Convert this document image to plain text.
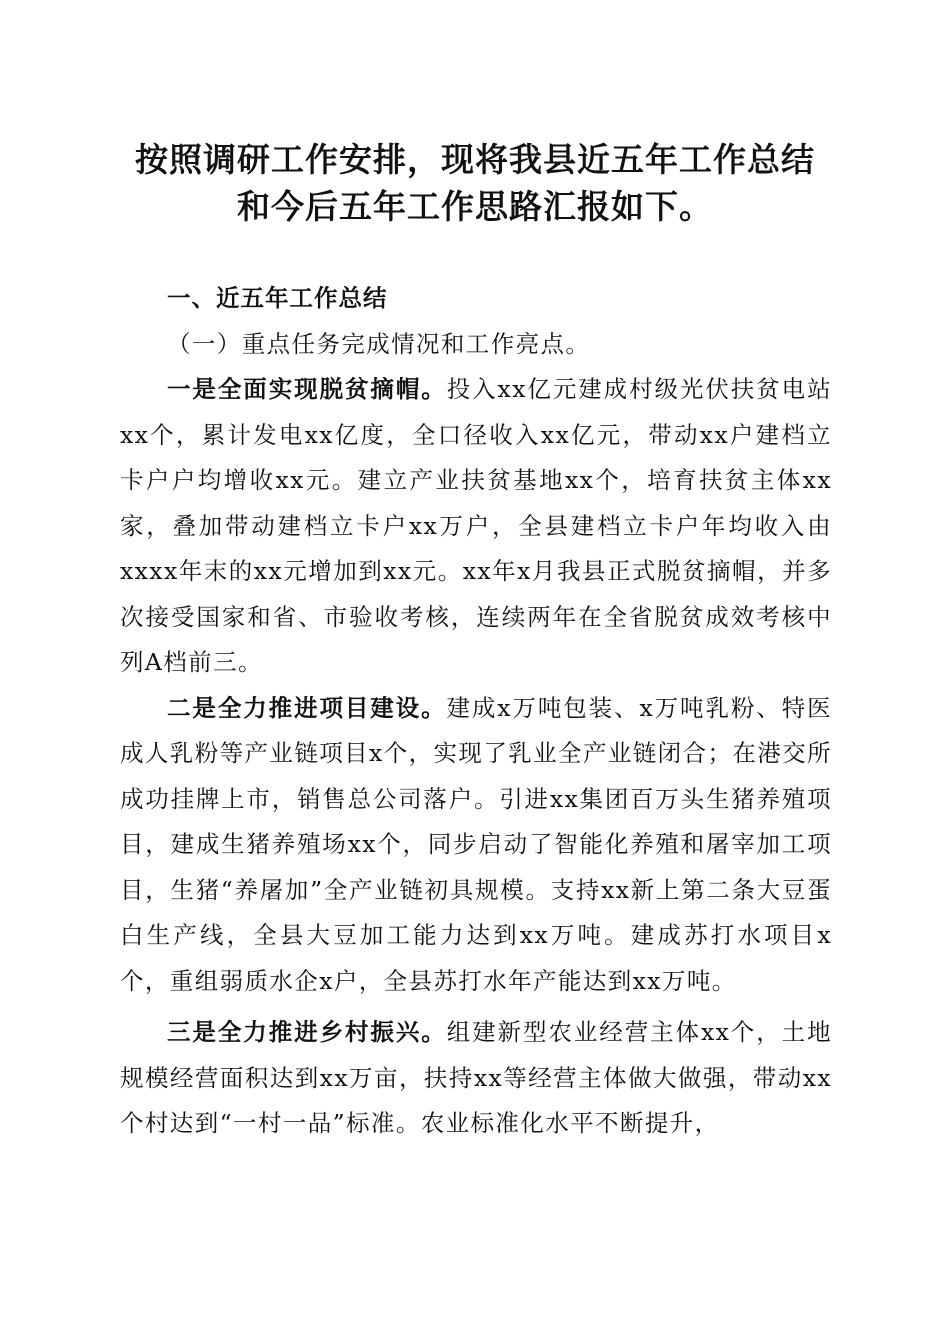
按照调研工作安排，现将我县近五年工作总结
和今后五年工作思路汇报如下。

一、近五年工作总结

（一）重点任务完成情况和工作亮点。

一是全面实现脱贫摘帽。投入xx亿元建成村级光伏扶贫电站xx个，累计发电xx亿度，全口径收入xx亿元，带动xx户建档立卡户户均增收xx元。建立产业扶贫基地xx个，培育扶贫主体xx家，叠加带动建档立卡户xx万户，全县建档立卡户年均收入由xxxx年末的xx元增加到xx元。xx年x月我县正式脱贫摘帽，并多次接受国家和省、市验收考核，连续两年在全省脱贫成效考核中列A档前三。

二是全力推进项目建设。建成x万吨包装、x万吨乳粉、特医成人乳粉等产业链项目x个，实现了乳业全产业链闭合；在港交所成功挂牌上市，销售总公司落户。引进xx集团百万头生猪养殖项目，建成生猪养殖场xx个，同步启动了智能化养殖和屠宰加工项目，生猪“养屠加”全产业链初具规模。支持xx新上第二条大豆蛋白生产线，全县大豆加工能力达到xx万吨。建成苏打水项目x个，重组弱质水企x户，全县苏打水年产能达到xx万吨。

三是全力推进乡村振兴。组建新型农业经营主体xx个，土地规模经营面积达到xx万亩，扶持xx等经营主体做大做强，带动xx个村达到“一村一品”标准。农业标准化水平不断提升，
